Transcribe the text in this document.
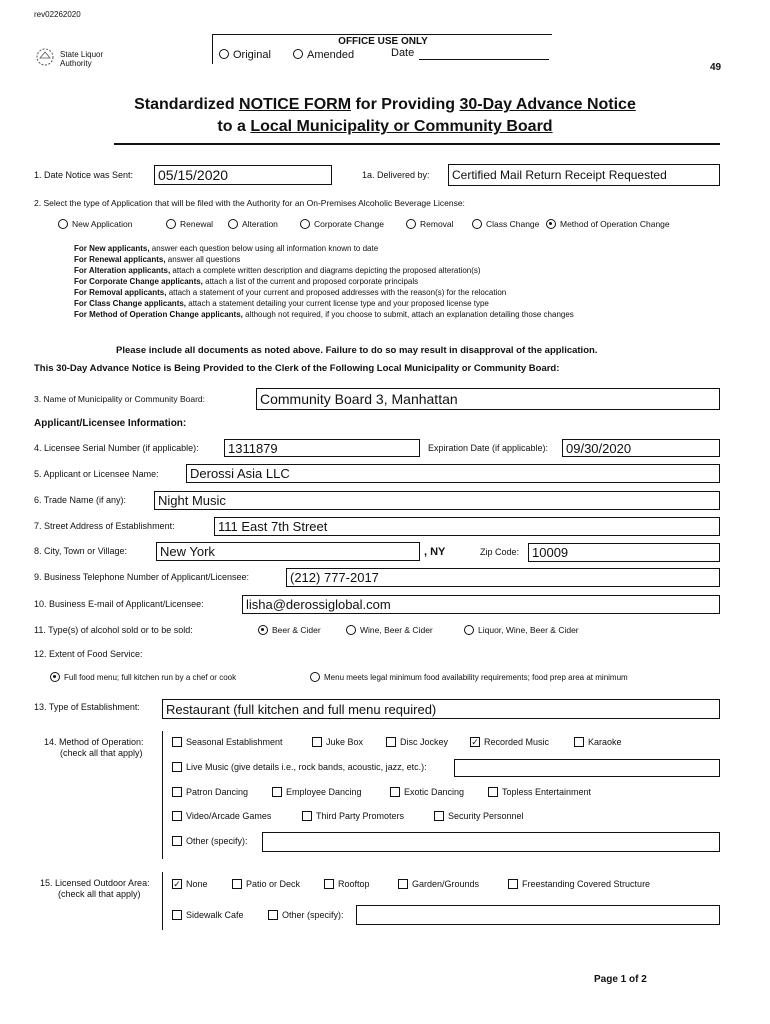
rev02262020
State Liquor Authority
OFFICE USE ONLY
Original	Amended	Date
49
Standardized NOTICE FORM for Providing 30-Day Advance Notice
to a Local Municipality or Community Board
1. Date Notice was Sent: 05/15/2020	1a. Delivered by:	Certified Mail Return Receipt Requested
2. Select the type of Application that will be filed with the Authority for an On-Premises Alcoholic Beverage License:
New Application	Renewal	Alteration	Corporate Change	Removal	Class Change	Method of Operation Change
For New applicants, answer each question below using all information known to date
For Renewal applicants, answer all questions
For Alteration applicants, attach a complete written description and diagrams depicting the proposed alteration(s)
For Corporate Change applicants, attach a list of the current and proposed corporate principals
For Removal applicants, attach a statement of your current and proposed addresses with the reason(s) for the relocation
For Class Change applicants, attach a statement detailing your current license type and your proposed license type
For Method of Operation Change applicants, although not required, if you choose to submit, attach an explanation detailing those changes
Please include all documents as noted above. Failure to do so may result in disapproval of the application.
This 30-Day Advance Notice is Being Provided to the Clerk of the Following Local Municipality or Community Board:
3. Name of Municipality or Community Board:	Community Board 3, Manhattan
Applicant/Licensee Information:
4. Licensee Serial Number (if applicable):	1311879	Expiration Date (if applicable):	09/30/2020
5. Applicant or Licensee Name:	Derossi Asia LLC
6. Trade Name (if any):	Night Music
7. Street Address of Establishment:	111 East 7th Street
8. City, Town or Village:	New York	, NY	Zip Code: 10009
9. Business Telephone Number of Applicant/Licensee:	(212) 777-2017
10. Business E-mail of Applicant/Licensee:	lisha@derossiglobal.com
11. Type(s) of alcohol sold or to be sold:	Beer & Cider	Wine, Beer & Cider	Liquor, Wine, Beer & Cider
12. Extent of Food Service:
Full food menu; full kitchen run by a chef or cook	Menu meets legal minimum food availability requirements; food prep area at minimum
13. Type of Establishment:	Restaurant (full kitchen and full menu required)
14. Method of Operation:
(check all that apply)
Seasonal Establishment	Juke Box	Disc Jockey	✓ Recorded Music	Karaoke
Live Music (give details i.e., rock bands, acoustic, jazz, etc.):
Patron Dancing	Employee Dancing	Exotic Dancing	Topless Entertainment
Video/Arcade Games	Third Party Promoters	Security Personnel
Other (specify):
15. Licensed Outdoor Area:
(check all that apply)
✓ None	Patio or Deck	Rooftop	Garden/Grounds	Freestanding Covered Structure
Sidewalk Cafe	Other (specify):
Page 1 of 2
